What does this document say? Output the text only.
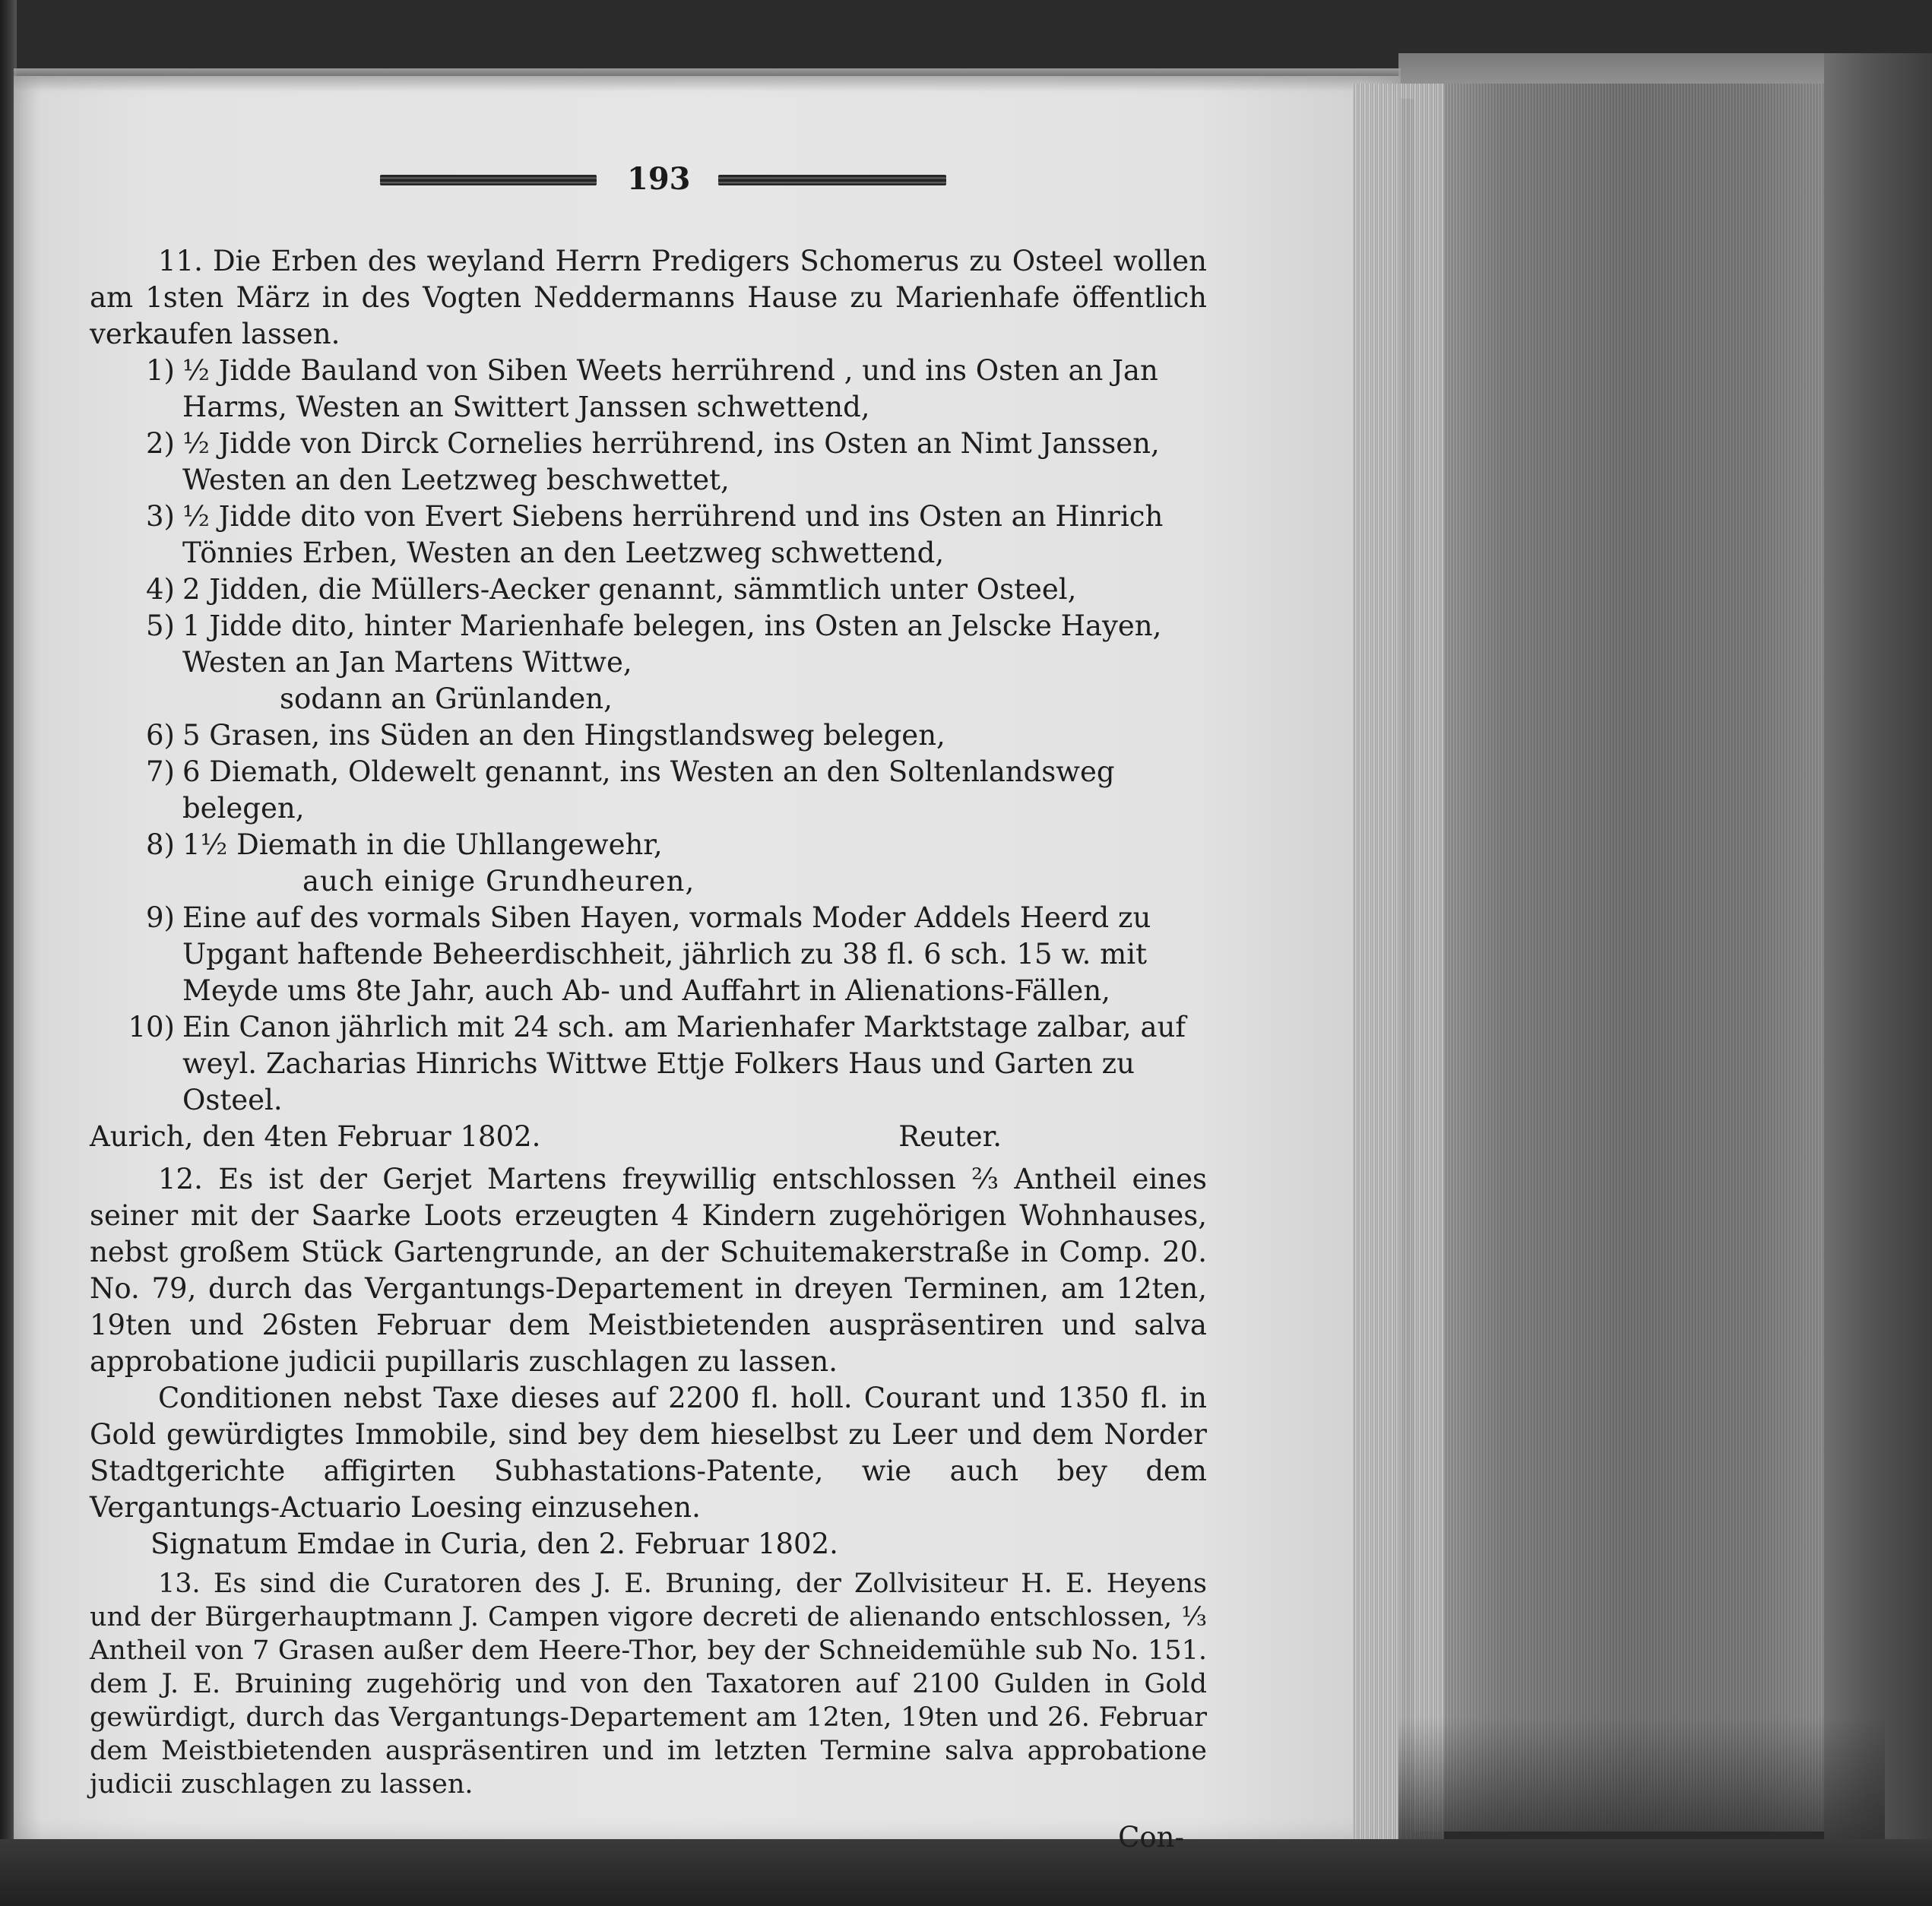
193

11. Die Erben des weyland Herrn Predigers Schomerus zu Osteel wollen am 1sten März in des Vogten Neddermanns Hause zu Marienhafe öffentlich verkaufen lassen.

1) ½ Jidde Bauland von Siben Weets herrührend , und ins Osten an Jan Harms, Westen an Swittert Janssen schwettend,
2) ½ Jidde von Dirck Cornelies herrührend, ins Osten an Nimt Janssen, Westen an den Leetzweg beschwettet,
3) ½ Jidde dito von Evert Siebens herrührend und ins Osten an Hinrich Tönnies Erben, Westen an den Leetzweg schwettend,
4) 2 Jidden, die Müllers-Aecker genannt, sämmtlich unter Osteel,
5) 1 Jidde dito, hinter Marienhafe belegen, ins Osten an Jelscke Hayen, Westen an Jan Martens Wittwe,

sodann an Grünlanden,

6) 5 Grasen, ins Süden an den Hingstlandsweg belegen,
7) 6 Diemath, Oldewelt genannt, ins Westen an den Soltenlandsweg belegen,
8) 1½ Diemath in die Uhllangewehr,

auch einige Grundheuren,

9) Eine auf des vormals Siben Hayen, vormals Moder Addels Heerd zu Upgant haftende Beheerdischheit, jährlich zu 38 fl. 6 sch. 15 w. mit Meyde ums 8te Jahr, auch Ab- und Auffahrt in Alienations-Fällen,
10) Ein Canon jährlich mit 24 sch. am Marienhafer Marktstage zalbar, auf weyl. Zacharias Hinrichs Wittwe Ettje Folkers Haus und Garten zu Osteel.
Aurich, den 4ten Februar 1802.	Reuter.

12. Es ist der Gerjet Martens freywillig entschlossen ⅔ Antheil eines seiner mit der Saarke Loots erzeugten 4 Kindern zugehörigen Wohnhauses, nebst großem Stück Gartengrunde, an der Schuitemakerstraße in Comp. 20. No. 79, durch das Vergantungs-Departement in dreyen Terminen, am 12ten, 19ten und 26sten Februar dem Meistbietenden auspräsentiren und salva approbatione judicii pupillaris zuschlagen zu lassen.

Conditionen nebst Taxe dieses auf 2200 fl. holl. Courant und 1350 fl. in Gold gewürdigtes Immobile, sind bey dem hieselbst zu Leer und dem Norder Stadtgerichte affigirten Subhastations-Patente, wie auch bey dem Vergantungs-Actuario Loesing einzusehen.

Signatum Emdae in Curia, den 2. Februar 1802.

13. Es sind die Curatoren des J. E. Bruning, der Zollvisiteur H. E. Heyens und der Bürgerhauptmann J. Campen vigore decreti de alienando entschlossen, ⅓ Antheil von 7 Grasen außer dem Heere-Thor, bey der Schneidemühle sub No. 151. dem J. E. Bruining zugehörig und von den Taxatoren auf 2100 Gulden in Gold gewürdigt, durch das Vergantungs-Departement am 12ten, 19ten und 26. Februar dem Meistbietenden auspräsentiren und im letzten Termine salva approbatione judicii zuschlagen zu lassen.

Con-
